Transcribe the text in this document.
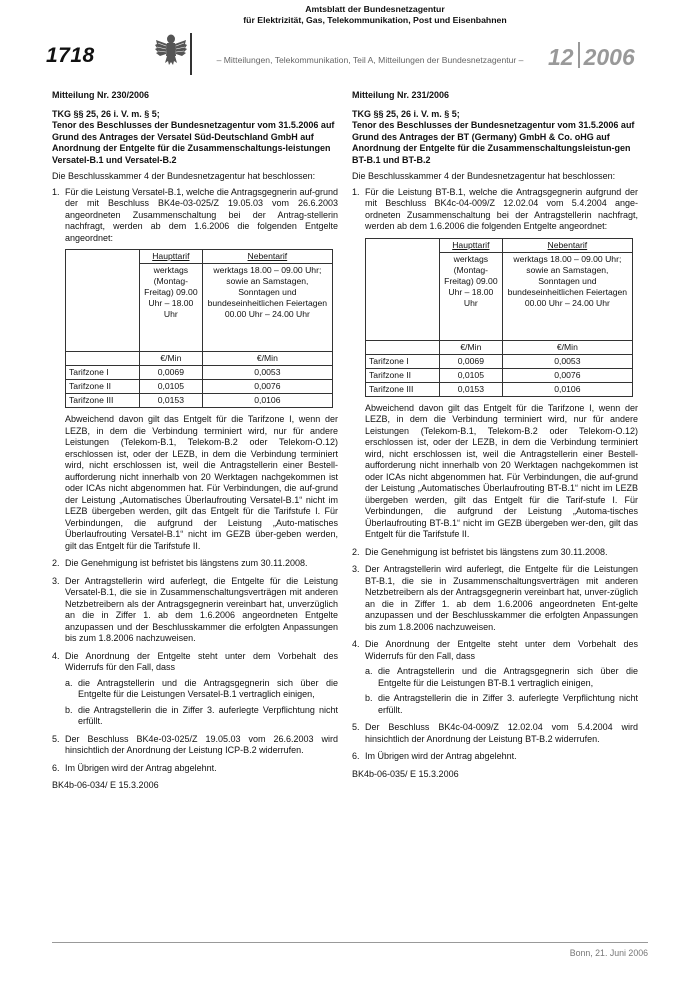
1718
Amtsblatt der Bundesnetzagentur
für Elektrizität, Gas, Telekommunikation, Post und Eisenbahnen
– Mitteilungen, Telekommunikation, Teil A, Mitteilungen der Bundesnetzagentur –	12 2006
Mitteilung Nr. 230/2006
TKG §§ 25, 26 i. V. m. § 5;
Tenor des Beschlusses der Bundesnetzagentur vom 31.5.2006 auf Grund des Antrages der Versatel Süd-Deutschland GmbH auf Anordnung der Entgelte für die Zusammenschaltungs-leistungen Versatel-B.1 und Versatel-B.2
Die Beschlusskammer 4 der Bundesnetzagentur hat beschlossen:
1. Für die Leistung Versatel-B.1, welche die Antragsgegnerin auf-grund der mit Beschluss BK4e-03-025/Z 19.05.03 vom 26.6.2003 angeordneten Zusammenschaltung bei der Antrag-stellerin nachfragt, werden ab dem 1.6.2006 die folgenden Entgelte angeordnet:
	Haupttarif	Nebentarif
	werktags (Montag-Freitag) 09.00 Uhr – 18.00 Uhr	werktags 18.00 – 09.00 Uhr; sowie an Samstagen, Sonntagen und bundeseinheitlichen Feiertagen 00.00 Uhr – 24.00 Uhr
	€/Min	€/Min
Tarifzone I	0,0069	0,0053
Tarifzone II	0,0105	0,0076
Tarifzone III	0,0153	0,0106
Abweichend davon gilt das Entgelt für die Tarifzone I, wenn der LEZB, in dem die Verbindung terminiert wird, nur für andere Leistungen (Telekom-B.1, Telekom-B.2 oder Telekom-O.12) erschlossen ist, oder der LEZB, in dem die Verbindung terminiert wird, nicht erschlossen ist, weil die Antragstellerin einer Bestell-aufforderung nicht innerhalb von 20 Werktagen nachgekommen ist oder ICAs nicht abgenommen hat. Für Verbindungen, die auf-grund der Leistung „Automatisches Überlaufrouting Versatel-B.1“ nicht im LEZB übergeben werden, gilt das Entgelt für die Tarifstufe I. Für Verbindungen, die aufgrund der Leistung „Auto-matisches Überlaufrouting Versatel-B.1“ nicht im GEZB über-geben werden, gilt das Entgelt für die Tarifstufe II.
2. Die Genehmigung ist befristet bis längstens zum 30.11.2008.
3. Der Antragstellerin wird auferlegt, die Entgelte für die Leistung Versatel-B.1, die sie in Zusammenschaltungsverträgen mit anderen Netzbetreibern als der Antragsgegnerin vereinbart hat, unverzüglich an die in Ziffer 1. ab dem 1.6.2006 angeordneten Entgelte anzupassen und der Beschlusskammer die erfolgten Anpassungen bis zum 1.8.2006 nachzuweisen.
4. Die Anordnung der Entgelte steht unter dem Vorbehalt des Widerrufs für den Fall, dass
a. die Antragstellerin und die Antragsgegnerin sich über die Entgelte für die Leistungen Versatel-B.1 vertraglich einigen,
b. die Antragstellerin die in Ziffer 3. auferlegte Verpflichtung nicht erfüllt.
5. Der Beschluss BK4e-03-025/Z 19.05.03 vom 26.6.2003 wird hinsichtlich der Anordnung der Leistung ICP-B.2 widerrufen.
6. Im Übrigen wird der Antrag abgelehnt.
BK4b-06-034/ E 15.3.2006
Mitteilung Nr. 231/2006
TKG §§ 25, 26 i. V. m. § 5;
Tenor des Beschlusses der Bundesnetzagentur vom 31.5.2006 auf Grund des Antrages der BT (Germany) GmbH & Co. oHG auf Anordnung der Entgelte für die Zusammenschaltungsleistun-gen BT-B.1 und BT-B.2
Die Beschlusskammer 4 der Bundesnetzagentur hat beschlossen:
1. Für die Leistung BT-B.1, welche die Antragsgegnerin aufgrund der mit Beschluss BK4c-04-009/Z 12.02.04 vom 5.4.2004 ange-ordneten Zusammenschaltung bei der Antragstellerin nachfragt, werden ab dem 1.6.2006 die folgenden Entgelte angeordnet:
	Haupttarif	Nebentarif
	werktags (Montag-Freitag) 09.00 Uhr – 18.00 Uhr	werktags 18.00 – 09.00 Uhr; sowie an Samstagen, Sonntagen und bundeseinheitlichen Feiertagen 00.00 Uhr – 24.00 Uhr
	€/Min	€/Min
Tarifzone I	0,0069	0,0053
Tarifzone II	0,0105	0,0076
Tarifzone III	0,0153	0,0106
Abweichend davon gilt das Entgelt für die Tarifzone I, wenn der LEZB, in dem die Verbindung terminiert wird, nur für andere Leistungen (Telekom-B.1, Telekom-B.2 oder Telekom-O.12) erschlossen ist, oder der LEZB, in dem die Verbindung terminiert wird, nicht erschlossen ist, weil die Antragstellerin einer Bestell-aufforderung nicht innerhalb von 20 Werktagen nachgekommen ist oder ICAs nicht abgenommen hat. Für Verbindungen, die auf-grund der Leistung „Automatisches Überlaufrouting BT-B.1“ nicht im LEZB übergeben werden, gilt das Entgelt für die Tarif-stufe I. Für Verbindungen, die aufgrund der Leistung „Automa-tisches Überlaufrouting BT-B.1“ nicht im GEZB übergeben wer-den, gilt das Entgelt für die Tarifstufe II.
2. Die Genehmigung ist befristet bis längstens zum 30.11.2008.
3. Der Antragstellerin wird auferlegt, die Entgelte für die Leistungen BT-B.1, die sie in Zusammenschaltungsverträgen mit anderen Netzbetreibern als der Antragsgegnerin vereinbart hat, unver-züglich an die in Ziffer 1. ab dem 1.6.2006 angeordneten Ent-gelte anzupassen und der Beschlusskammer die erfolgten Anpassungen bis zum 1.8.2006 nachzuweisen.
4. Die Anordnung der Entgelte steht unter dem Vorbehalt des Widerrufs für den Fall, dass
a. die Antragstellerin und die Antragsgegnerin sich über die Entgelte für die Leistungen BT-B.1 vertraglich einigen,
b. die Antragstellerin die in Ziffer 3. auferlegte Verpflichtung nicht erfüllt.
5. Der Beschluss BK4c-04-009/Z 12.02.04 vom 5.4.2004 wird hinsichtlich der Anordnung der Leistung BT-B.2 widerrufen.
6. Im Übrigen wird der Antrag abgelehnt.
BK4b-06-035/ E 15.3.2006
Bonn, 21. Juni 2006
